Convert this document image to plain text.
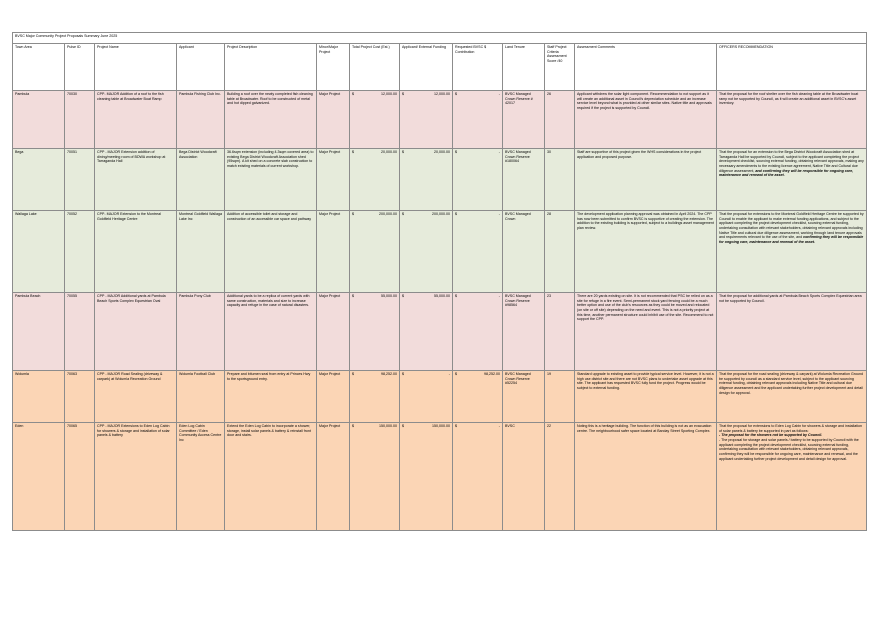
BVSC Major Community Project Proposals Summary June 2025												
Town Area	Pulse ID	Project Name	Applicant	Project Description	Minor/Major Project	Total Project Cost (Est.)	Applicant/ External Funding	Requested BVSC $ Contribution	Land Tenure	Staff Project Criteria Assessment Score /40	Assessment Comments	OFFICERS RECOMMENDATION
Pambula	70030	CPP- MAJOR Addition of a roof to the fish cleaning table at Broadwater Boat Ramp	Pambula Fishing Club Inc.	Building a roof over the newly completed fish cleaning table at Broadwater. Roof to be constructed of metal and hot dipped galvanized.	Major Project	$ 12,000.00	$ 12,000.00	$ -	BVSC Managed Crown Reserve # 42017	26	Applicant withdrew the solar light component. Recommendation to not support as it will create an additional asset in Council's depreciation schedule and an increase service level beyond what is provided at other similar sites. Native title and approvals required if the project is supported by Council.	That the proposal for the roof shelter over the fish cleaning table at the Broadwater boat ramp not be supported by Council, as it will create an additional asset in BVSC's asset inventory.
Bega	70051	CPP - MAJOR Extension addition of dining/meeting room of BDWA workshop at Tarraganda Hall	Bega District Woodcraft Association	36.6sqm extension (including 4.3sqm covered area) to existing Bega District Woodcraft Association shed (95sqm). A kit shed on a concrete slab construction to match existing materials of current workshop.	Major Project	$	20,000.00	$	20,000.00	$	-	BVSC Managed Crown Reserve #180064	30	Staff are supportive of this project given the WHS considerations in the project application and proposed purpose.	That the proposal for an extension to the Bega District Woodcraft Association shed at Tarraganda Hall be supported by Council, subject to the applicant completing the project development checklist, sourcing external funding, obtaining relevant approvals, making any necessary amendments to the existing licence agreement, Native Title and Cultural due diligence assessment, and confirming they will be responsible for ongoing care, maintenance and renewal of the asset.
Wallaga Lake	70052	CPP- MAJOR Extension to the Montreal Goldfield Heritage Centre	Montreal Goldfield Wallaga Lake Inc	Addition of accessible toilet and storage and construction of an accessible car space and pathway	Major Project	$	200,000.00	$	200,000.00	$	-	BVSC Managed Crown	28	The development application planning approval was obtained in April 2024. The CPP has now been submitted to confirm BVSC is supportive of creating the extension. The addition to the existing building is supported, subject to a buildings asset management plan review.	That the proposal for extensions to the Montreal Goldfield Heritage Centre be supported by Council to enable the applicant to make external funding applications, and subject to the applicant completing the project development checklist, sourcing external funding, undertaking consultation with relevant stakeholders, obtaining relevant approvals including Native Title and cultural due diligence assessment, working through land tenure approvals and requirements relevant to the use of the site, and confirming they will be responsible for ongoing care, maintenance and renewal of the asset.
Pambula Beach	70055	CPP - MAJOR Additional yards at Pambula Beach Sports Complex Equestrian Oval	Pambula Pony Club	Additional yards to be a replica of current yards with same construction, materials and size to increase capacity and refuge in the case of natural disasters.	Major Project	$ 55,000.00	$ 55,000.00	$ -	BVSC Managed Crown Reserve #98564	23	There are 20 yards existing on site. It is not recommended that PSC be relied on as a site for refuge in a fire event. Semi-permanent stock yard fencing could be a much better option and use of the club's resources as they could be moved and relocated (on site or off site) depending on the need and event. This is not a priority project at this time, another permanent structure could inhibit use of the site. Recommend to not support the CPP.	That the proposal for additional yards at Pambula Beach Sports Complex Equestrian area not be supported by Council.
Wolumla	70063	CPP - MAJOR Road Sealing (driveway & carpark) at Wolumla Recreation Ground	Wolumla Football Club	Prepare and bitumen seal from entry at Princes Hwy to the sportsground entry.	Major Project	$	98,252.00	$	-	$	98,252.00	BVSC Managed Crown Reserve #52254	19	Standard upgrade to existing asset to provide typical service level. However, it is not a high use district site and there are not BVSC plans to undertake asset upgrade at this site. The applicant has requested BVSC fully fund the project. Progress would be subject to external funding.	That the proposal for the road sealing (driveway & carpark) at Wolumla Recreation Ground be supported by council as a standard service level, subject to the applicant sourcing external funding, obtaining relevant approvals including Native Title and cultural due diligence assessment and the applicant undertaking further project development and detail design for approval.
Eden	70065	CPP - MAJOR Extensions to Eden Log Cabin for showers & storage and installation of solar panels & battery	Eden Log Cabin Committee / Eden Community Access Centre Inc	Extend the Eden Log Cabin to incorporate a shower, storage, install solar panels & battery & reinstall front door and stairs.	Major Project	$ 150,000.00	$ 150,000.00	$ -	BVSC	22	Noting this is a heritage building. The function of this building is not as an evacuation centre. The neighbourhood safer space located at Barclay Street Sporting Complex.	That the proposal for extensions to Eden Log Cabin for showers & storage and installation of solar panels & battery be supported in part as follows:
- The proposal for the showers not be supported by Council.
- The proposal for storage and solar panels / battery to be supported by Council with the applicant completing the project development checklist, sourcing external funding, undertaking consultation with relevant stakeholders, obtaining relevant approvals, confirming they will be responsible for ongoing care, maintenance and renewal, and the applicant undertaking further project development and detail design for approval.
